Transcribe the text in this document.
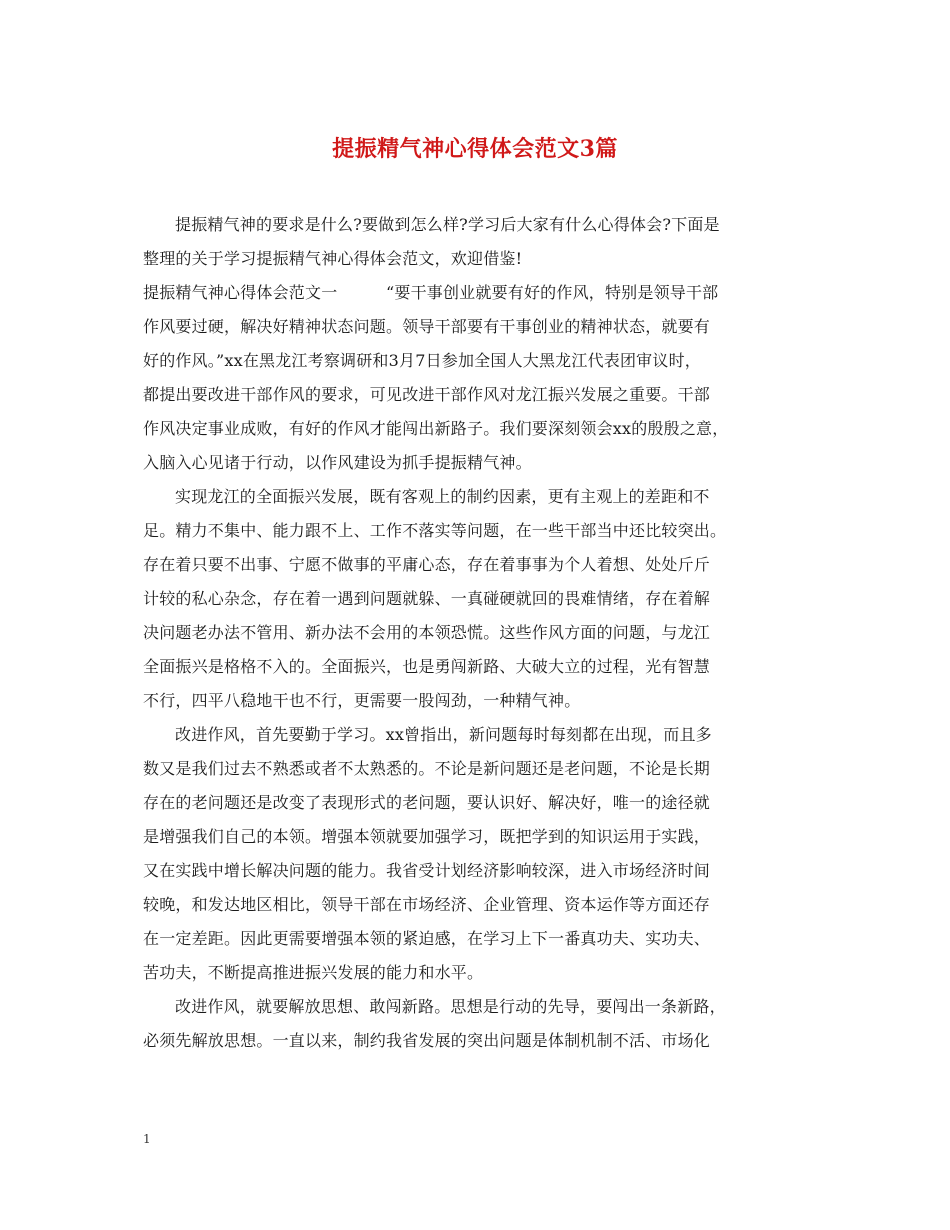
提振精气神心得体会范文3篇
提振精气神的要求是什么?要做到怎么样?学习后大家有什么心得体会?下面是
整理的关于学习提振精气神心得体会范文，欢迎借鉴!
提振精气神心得体会范文一　　　“要干事创业就要有好的作风，特别是领导干部
作风要过硬，解决好精神状态问题。领导干部要有干事创业的精神状态，就要有
好的作风。”xx在黑龙江考察调研和3月7日参加全国人大黑龙江代表团审议时，
都提出要改进干部作风的要求，可见改进干部作风对龙江振兴发展之重要。干部
作风决定事业成败，有好的作风才能闯出新路子。我们要深刻领会xx的殷殷之意，
入脑入心见诸于行动，以作风建设为抓手提振精气神。
实现龙江的全面振兴发展，既有客观上的制约因素，更有主观上的差距和不
足。精力不集中、能力跟不上、工作不落实等问题，在一些干部当中还比较突出。
存在着只要不出事、宁愿不做事的平庸心态，存在着事事为个人着想、处处斤斤
计较的私心杂念，存在着一遇到问题就躲、一真碰硬就回的畏难情绪，存在着解
决问题老办法不管用、新办法不会用的本领恐慌。这些作风方面的问题，与龙江
全面振兴是格格不入的。全面振兴，也是勇闯新路、大破大立的过程，光有智慧
不行，四平八稳地干也不行，更需要一股闯劲，一种精气神。
改进作风，首先要勤于学习。xx曾指出，新问题每时每刻都在出现，而且多
数又是我们过去不熟悉或者不太熟悉的。不论是新问题还是老问题，不论是长期
存在的老问题还是改变了表现形式的老问题，要认识好、解决好，唯一的途径就
是增强我们自己的本领。增强本领就要加强学习，既把学到的知识运用于实践，
又在实践中增长解决问题的能力。我省受计划经济影响较深，进入市场经济时间
较晚，和发达地区相比，领导干部在市场经济、企业管理、资本运作等方面还存
在一定差距。因此更需要增强本领的紧迫感，在学习上下一番真功夫、实功夫、
苦功夫，不断提高推进振兴发展的能力和水平。
改进作风，就要解放思想、敢闯新路。思想是行动的先导，要闯出一条新路，
必须先解放思想。一直以来，制约我省发展的突出问题是体制机制不活、市场化
1
